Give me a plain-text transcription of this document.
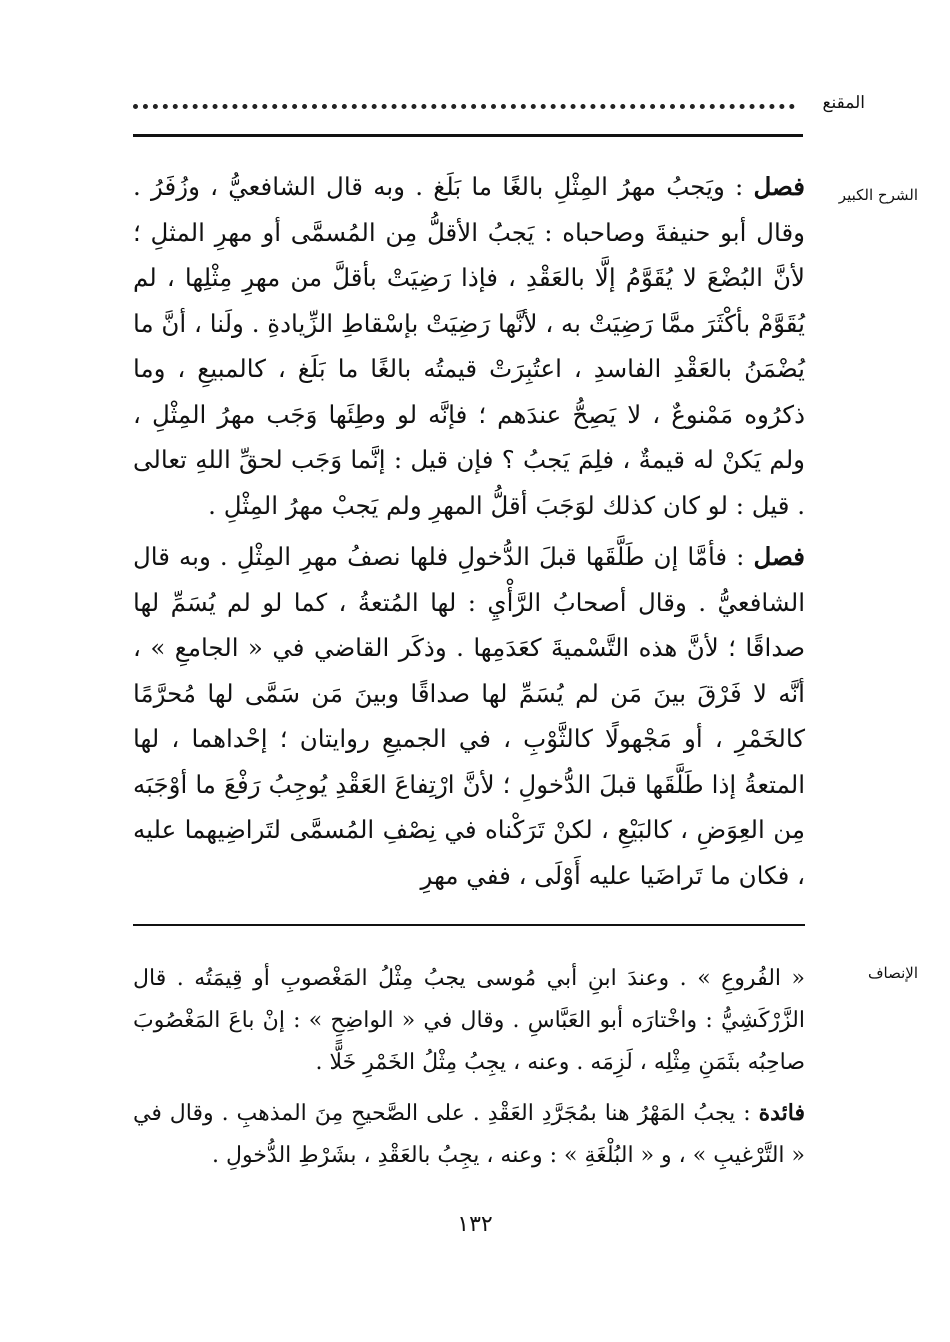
المقنع
الشرح الكبير

فصل : ويَجبُ مهرُ المِثْلِ بالغًا ما بَلَغ . وبه قال الشافعيُّ ، وزُفَرُ . وقال أبو حنيفةَ وصاحباه : يَجبُ الأقلُّ مِن المُسمَّى أو مهرِ المثلِ ؛ لأنَّ البُضْعَ لا يُقَوَّمُ إلَّا بالعَقْدِ ، فإذا رَضِيَتْ بأقلَّ من مهرِ مِثْلِها ، لم يُقَوَّمْ بأكْثَرَ ممَّا رَضِيَتْ به ، لأنَّها رَضِيَتْ بإسْقاطِ الزِّيادةِ . ولَنا ، أنَّ ما يُضْمَنُ بالعَقْدِ الفاسدِ ، اعتُبِرَتْ قيمتُه بالغًا ما بَلَغ ، كالمبيعِ ، وما ذكرُوه مَمْنوعٌ ، لا يَصِحُّ عندَهم ؛ فإنَّه لو وطِئَها وَجَب مهرُ المِثْلِ ، ولم يَكنْ له قيمةٌ ، فلِمَ يَجبُ ؟ فإن قيل : إنَّما وَجَب لحقِّ اللهِ تعالى . قيل : لو كان كذلك لوَجَبَ أقلُّ المهرِ ولم يَجبْ مهرُ المِثْلِ .

فصل : فأمَّا إن طَلَّقَها قبلَ الدُّخولِ فلها نصفُ مهرِ المِثْلِ . وبه قال الشافعيُّ . وقال أصحابُ الرَّأْيِ : لها المُتعةُ ، كما لو لم يُسَمِّ لها صداقًا ؛ لأنَّ هذه التَّسْميةَ كعَدَمِها . وذكَر القاضي في « الجامعِ » ، أنَّه لا فَرْقَ بينَ مَن لم يُسَمِّ لها صداقًا وبينَ مَن سَمَّى لها مُحرَّمًا كالخَمْرِ ، أو مَجْهولًا كالثَّوْبِ ، في الجميعِ روايتان ؛ إحْداهما ، لها المتعةُ إذا طَلَّقَها قبلَ الدُّخولِ ؛ لأنَّ ارْتِفاعَ العَقْدِ يُوجِبُ رَفْعَ ما أوْجَبَه مِن العِوَضِ ، كالبَيْعِ ، لكنْ تَرَكْناه في نِصْفِ المُسمَّى لتَراضِيهما عليه ، فكان ما تَراضَيا عليه أَوْلَى ، ففي مهرِ

الإنصاف

« الفُروعِ » . وعندَ ابنِ أبي مُوسى يجبُ مِثْلُ المَغْصوبِ أو قِيمَتُه . قال الزَّرْكَشِيُّ : واخْتارَه أبو العَبَّاسِ . وقال في « الواضِحِ » : إنْ باعَ المَغْصُوبَ صاحِبُه بثَمَنِ مِثْلِه ، لَزِمَه . وعنه ، يجِبُ مِثْلُ الخَمْرِ خَلًّا .

فائدة : يجبُ المَهْرُ هنا بمُجَرَّدِ العَقْدِ . على الصَّحيحِ مِنَ المذهبِ . وقال في « التَّرْغيبِ » ، و « البُلْغَةِ » : وعنه ، يجِبُ بالعَقْدِ ، بشَرْطِ الدُّخولِ .

١٣٢
